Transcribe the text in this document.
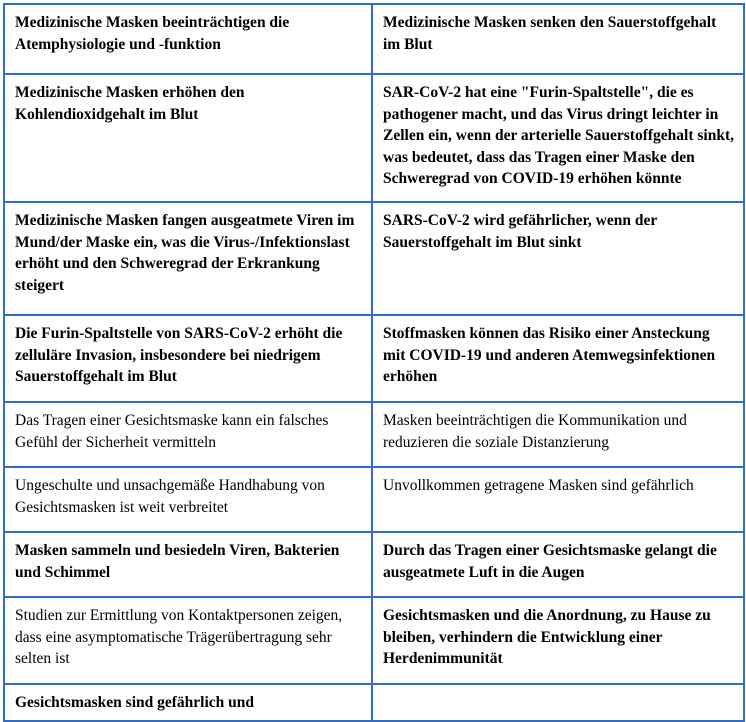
Medizinische Masken beeinträchtigen die Atemphysiologie und -funktion	Medizinische Masken senken den Sauerstoffgehalt im Blut
Medizinische Masken erhöhen den Kohlendioxidgehalt im Blut	SAR-CoV-2 hat eine "Furin-Spaltstelle", die es pathogener macht, und das Virus dringt leichter in Zellen ein, wenn der arterielle Sauerstoffgehalt sinkt, was bedeutet, dass das Tragen einer Maske den Schweregrad von COVID-19 erhöhen könnte
Medizinische Masken fangen ausgeatmete Viren im Mund/der Maske ein, was die Virus-/Infektionslast erhöht und den Schweregrad der Erkrankung steigert	SARS-CoV-2 wird gefährlicher, wenn der Sauerstoffgehalt im Blut sinkt
Die Furin-Spaltstelle von SARS-CoV-2 erhöht die zelluläre Invasion, insbesondere bei niedrigem Sauerstoffgehalt im Blut	Stoffmasken können das Risiko einer Ansteckung mit COVID-19 und anderen Atemwegsinfektionen erhöhen
Das Tragen einer Gesichtsmaske kann ein falsches Gefühl der Sicherheit vermitteln	Masken beeinträchtigen die Kommunikation und reduzieren die soziale Distanzierung
Ungeschulte und unsachgemäße Handhabung von Gesichtsmasken ist weit verbreitet	Unvollkommen getragene Masken sind gefährlich
Masken sammeln und besiedeln Viren, Bakterien und Schimmel	Durch das Tragen einer Gesichtsmaske gelangt die ausgeatmete Luft in die Augen
Studien zur Ermittlung von Kontaktpersonen zeigen, dass eine asymptomatische Trägerübertragung sehr selten ist	Gesichtsmasken und die Anordnung, zu Hause zu bleiben, verhindern die Entwicklung einer Herdenimmunität
Gesichtsmasken sind gefährlich und	
